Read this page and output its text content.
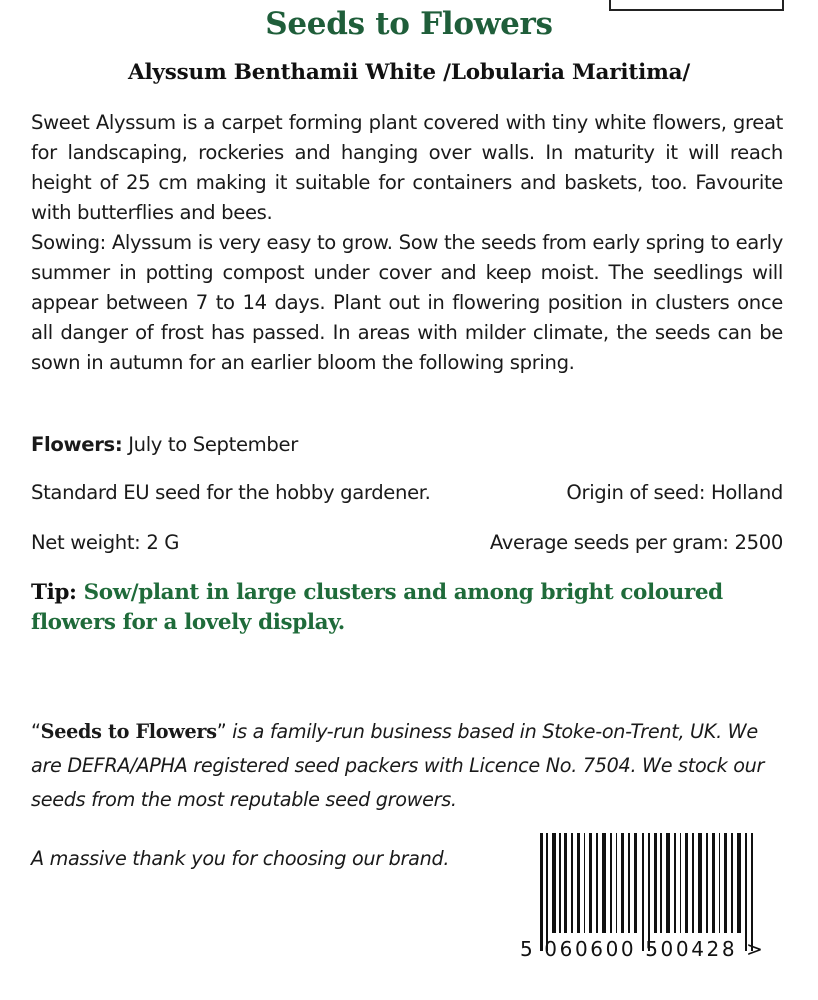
Seeds to Flowers
Alyssum Benthamii White /Lobularia Maritima/

Sweet Alyssum is a carpet forming plant covered with tiny white flowers, great for landscaping, rockeries and hanging over walls. In maturity it will reach height of 25 cm making it suitable for containers and baskets, too. Favourite with butterflies and bees.

Sowing: Alyssum is very easy to grow. Sow the seeds from early spring to early summer in potting compost under cover and keep moist. The seedlings will appear between 7 to 14 days. Plant out in flowering position in clusters once all danger of frost has passed. In areas with milder climate, the seeds can be sown in autumn for an earlier bloom the following spring.

Flowers: July to September
Standard EU seed for the hobby gardener.	Origin of seed: Holland
Net weight: 2 G	Average seeds per gram: 2500
Tip: Sow/plant in large clusters and among bright coloured flowers for a lovely display.
“Seeds to Flowers” is a family-run business based in Stoke-on-Trent, UK. We are DEFRA/APHA registered seed packers with Licence No. 7504. We stock our seeds from the most reputable seed growers.
A massive thank you for choosing our brand.
5 060600 500428 >
